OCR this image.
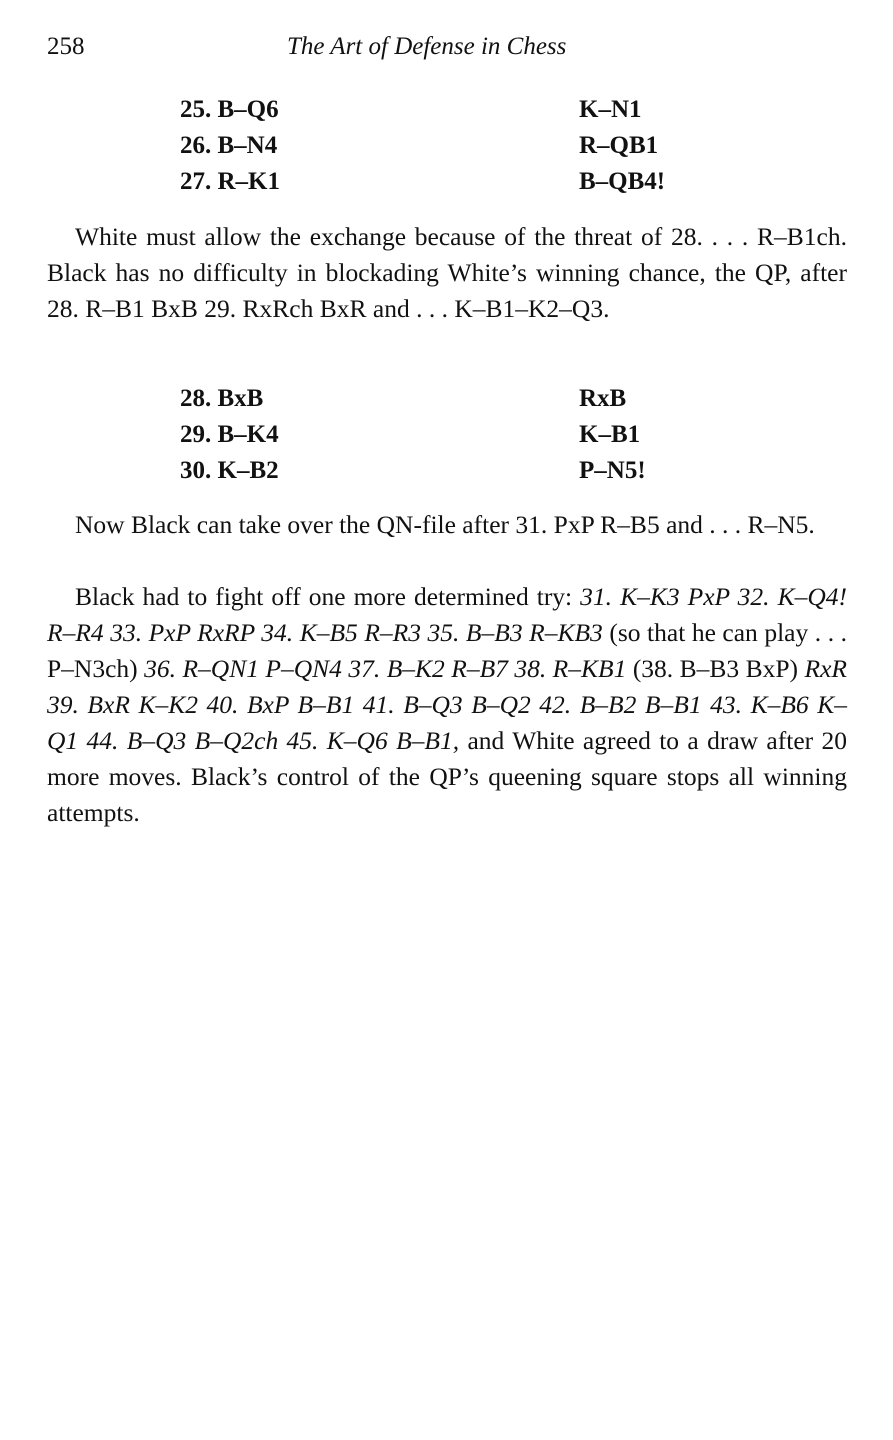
258	The Art of Defense in Chess
25. B–Q6	K–N1
26. B–N4	R–QB1
27. R–K1	B–QB4!

White must allow the exchange because of the threat of 28. . . . R–B1ch. Black has no difficulty in blockading White’s winning chance, the QP, after 28. R–B1 BxB 29. RxRch BxR and . . . K–B1–K2–Q3.

28. BxB	RxB
29. B–K4	K–B1
30. K–B2	P–N5!

Now Black can take over the QN-file after 31. PxP R–B5 and . . . R–N5.

Black had to fight off one more determined try: 31. K–K3 PxP 32. K–Q4! R–R4 33. PxP RxRP 34. K–B5 R–R3 35. B–B3 R–KB3 (so that he can play . . . P–N3ch) 36. R–QN1 P–QN4 37. B–K2 R–B7 38. R–KB1 (38. B–B3 BxP) RxR 39. BxR K–K2 40. BxP B–B1 41. B–Q3 B–Q2 42. B–B2 B–B1 43. K–B6 K–Q1 44. B–Q3 B–Q2ch 45. K–Q6 B–B1, and White agreed to a draw after 20 more moves. Black’s control of the QP’s queening square stops all winning attempts.
